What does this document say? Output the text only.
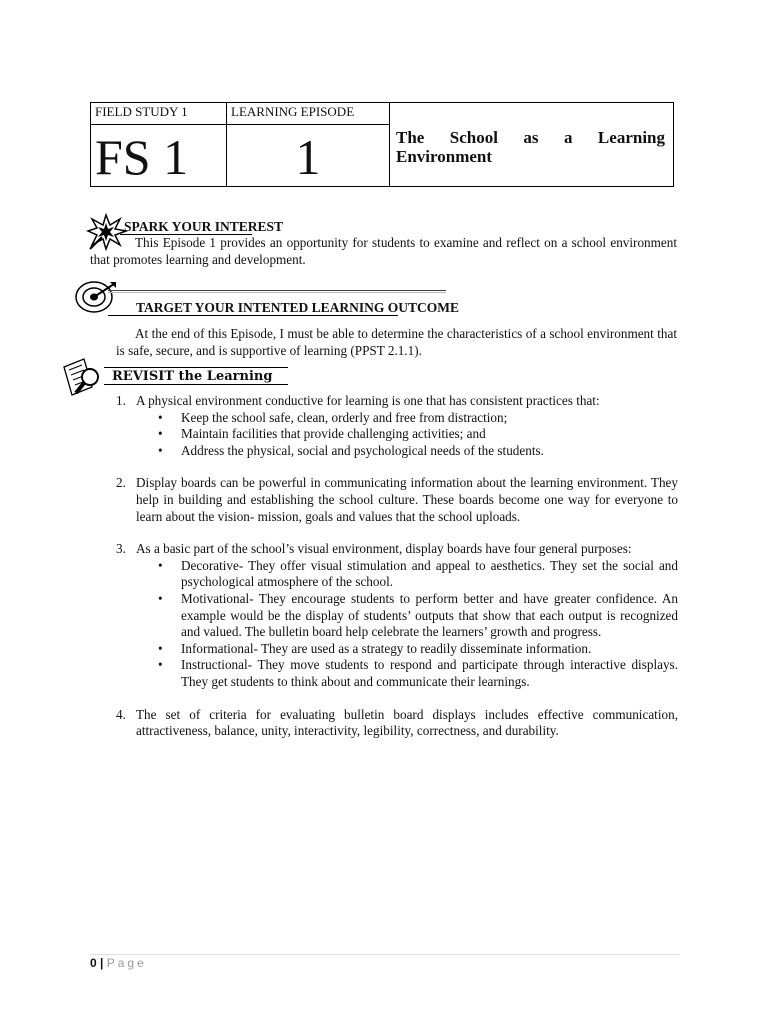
FIELD STUDY 1
FS 1
LEARNING EPISODE
1	The School as a Learning Environment
SPARK YOUR INTEREST
This Episode 1 provides an opportunity for students to examine and reflect on a school environment that promotes learning and development.
TARGET YOUR INTENTED LEARNING OUTCOME
At the end of this Episode, I must be able to determine the characteristics of a school environment that is safe, secure, and is supportive of learning (PPST 2.1.1).
REVISIT the Learning
1. A physical environment conductive for learning is one that has consistent practices that:
• Keep the school safe, clean, orderly and free from distraction;
• Maintain facilities that provide challenging activities; and
• Address the physical, social and psychological needs of the students.
2. Display boards can be powerful in communicating information about the learning environment. They help in building and establishing the school culture. These boards become one way for everyone to learn about the vision- mission, goals and values that the school uploads.
3. As a basic part of the school’s visual environment, display boards have four general purposes:
• Decorative- They offer visual stimulation and appeal to aesthetics. They set the social and psychological atmosphere of the school.
• Motivational- They encourage students to perform better and have greater confidence. An example would be the display of students’ outputs that show that each output is recognized and valued. The bulletin board help celebrate the learners’ growth and progress.
• Informational- They are used as a strategy to readily disseminate information.
• Instructional- They move students to respond and participate through interactive displays. They get students to think about and communicate their learnings.
4. The set of criteria for evaluating bulletin board displays includes effective communication, attractiveness, balance, unity, interactivity, legibility, correctness, and durability.
0 | Page
